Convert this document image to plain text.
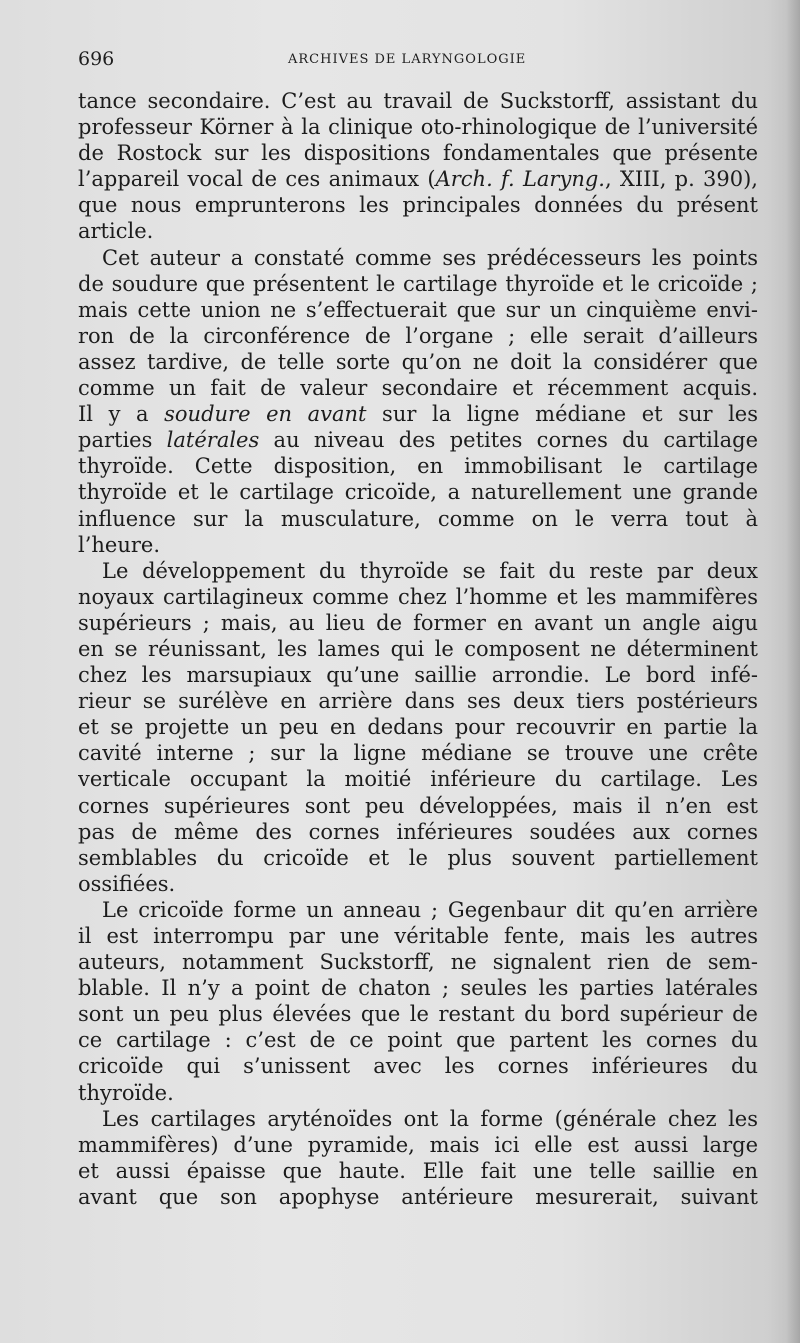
696	ARCHIVES DE LARYNGOLOGIE
tance secondaire. C’est au travail de Suckstorff, assistant du
professeur Körner à la clinique oto-rhinologique de l’université
de Rostock sur les dispositions fondamentales que présente
l’appareil vocal de ces animaux (Arch. f. Laryng., XIII, p. 390),
que nous emprunterons les principales données du présent
article.
Cet auteur a constaté comme ses prédécesseurs les points
de soudure que présentent le cartilage thyroïde et le cricoïde ;
mais cette union ne s’effectuerait que sur un cinquième envi-
ron de la circonférence de l’organe ; elle serait d’ailleurs
assez tardive, de telle sorte qu’on ne doit la considérer que
comme un fait de valeur secondaire et récemment acquis.
Il y a soudure en avant sur la ligne médiane et sur les
parties latérales au niveau des petites cornes du cartilage
thyroïde. Cette disposition, en immobilisant le cartilage
thyroïde et le cartilage cricoïde, a naturellement une grande
influence sur la musculature, comme on le verra tout à
l’heure.
Le développement du thyroïde se fait du reste par deux
noyaux cartilagineux comme chez l’homme et les mammifères
supérieurs ; mais, au lieu de former en avant un angle aigu
en se réunissant, les lames qui le composent ne déterminent
chez les marsupiaux qu’une saillie arrondie. Le bord infé-
rieur se surélève en arrière dans ses deux tiers postérieurs
et se projette un peu en dedans pour recouvrir en partie la
cavité interne ; sur la ligne médiane se trouve une crête
verticale occupant la moitié inférieure du cartilage. Les
cornes supérieures sont peu développées, mais il n’en est
pas de même des cornes inférieures soudées aux cornes
semblables du cricoïde et le plus souvent partiellement
ossifiées.
Le cricoïde forme un anneau ; Gegenbaur dit qu’en arrière
il est interrompu par une véritable fente, mais les autres
auteurs, notamment Suckstorff, ne signalent rien de sem-
blable. Il n’y a point de chaton ; seules les parties latérales
sont un peu plus élevées que le restant du bord supérieur de
ce cartilage : c’est de ce point que partent les cornes du
cricoïde qui s’unissent avec les cornes inférieures du
thyroïde.
Les cartilages aryténoïdes ont la forme (générale chez les
mammifères) d’une pyramide, mais ici elle est aussi large
et aussi épaisse que haute. Elle fait une telle saillie en
avant que son apophyse antérieure mesurerait, suivant
